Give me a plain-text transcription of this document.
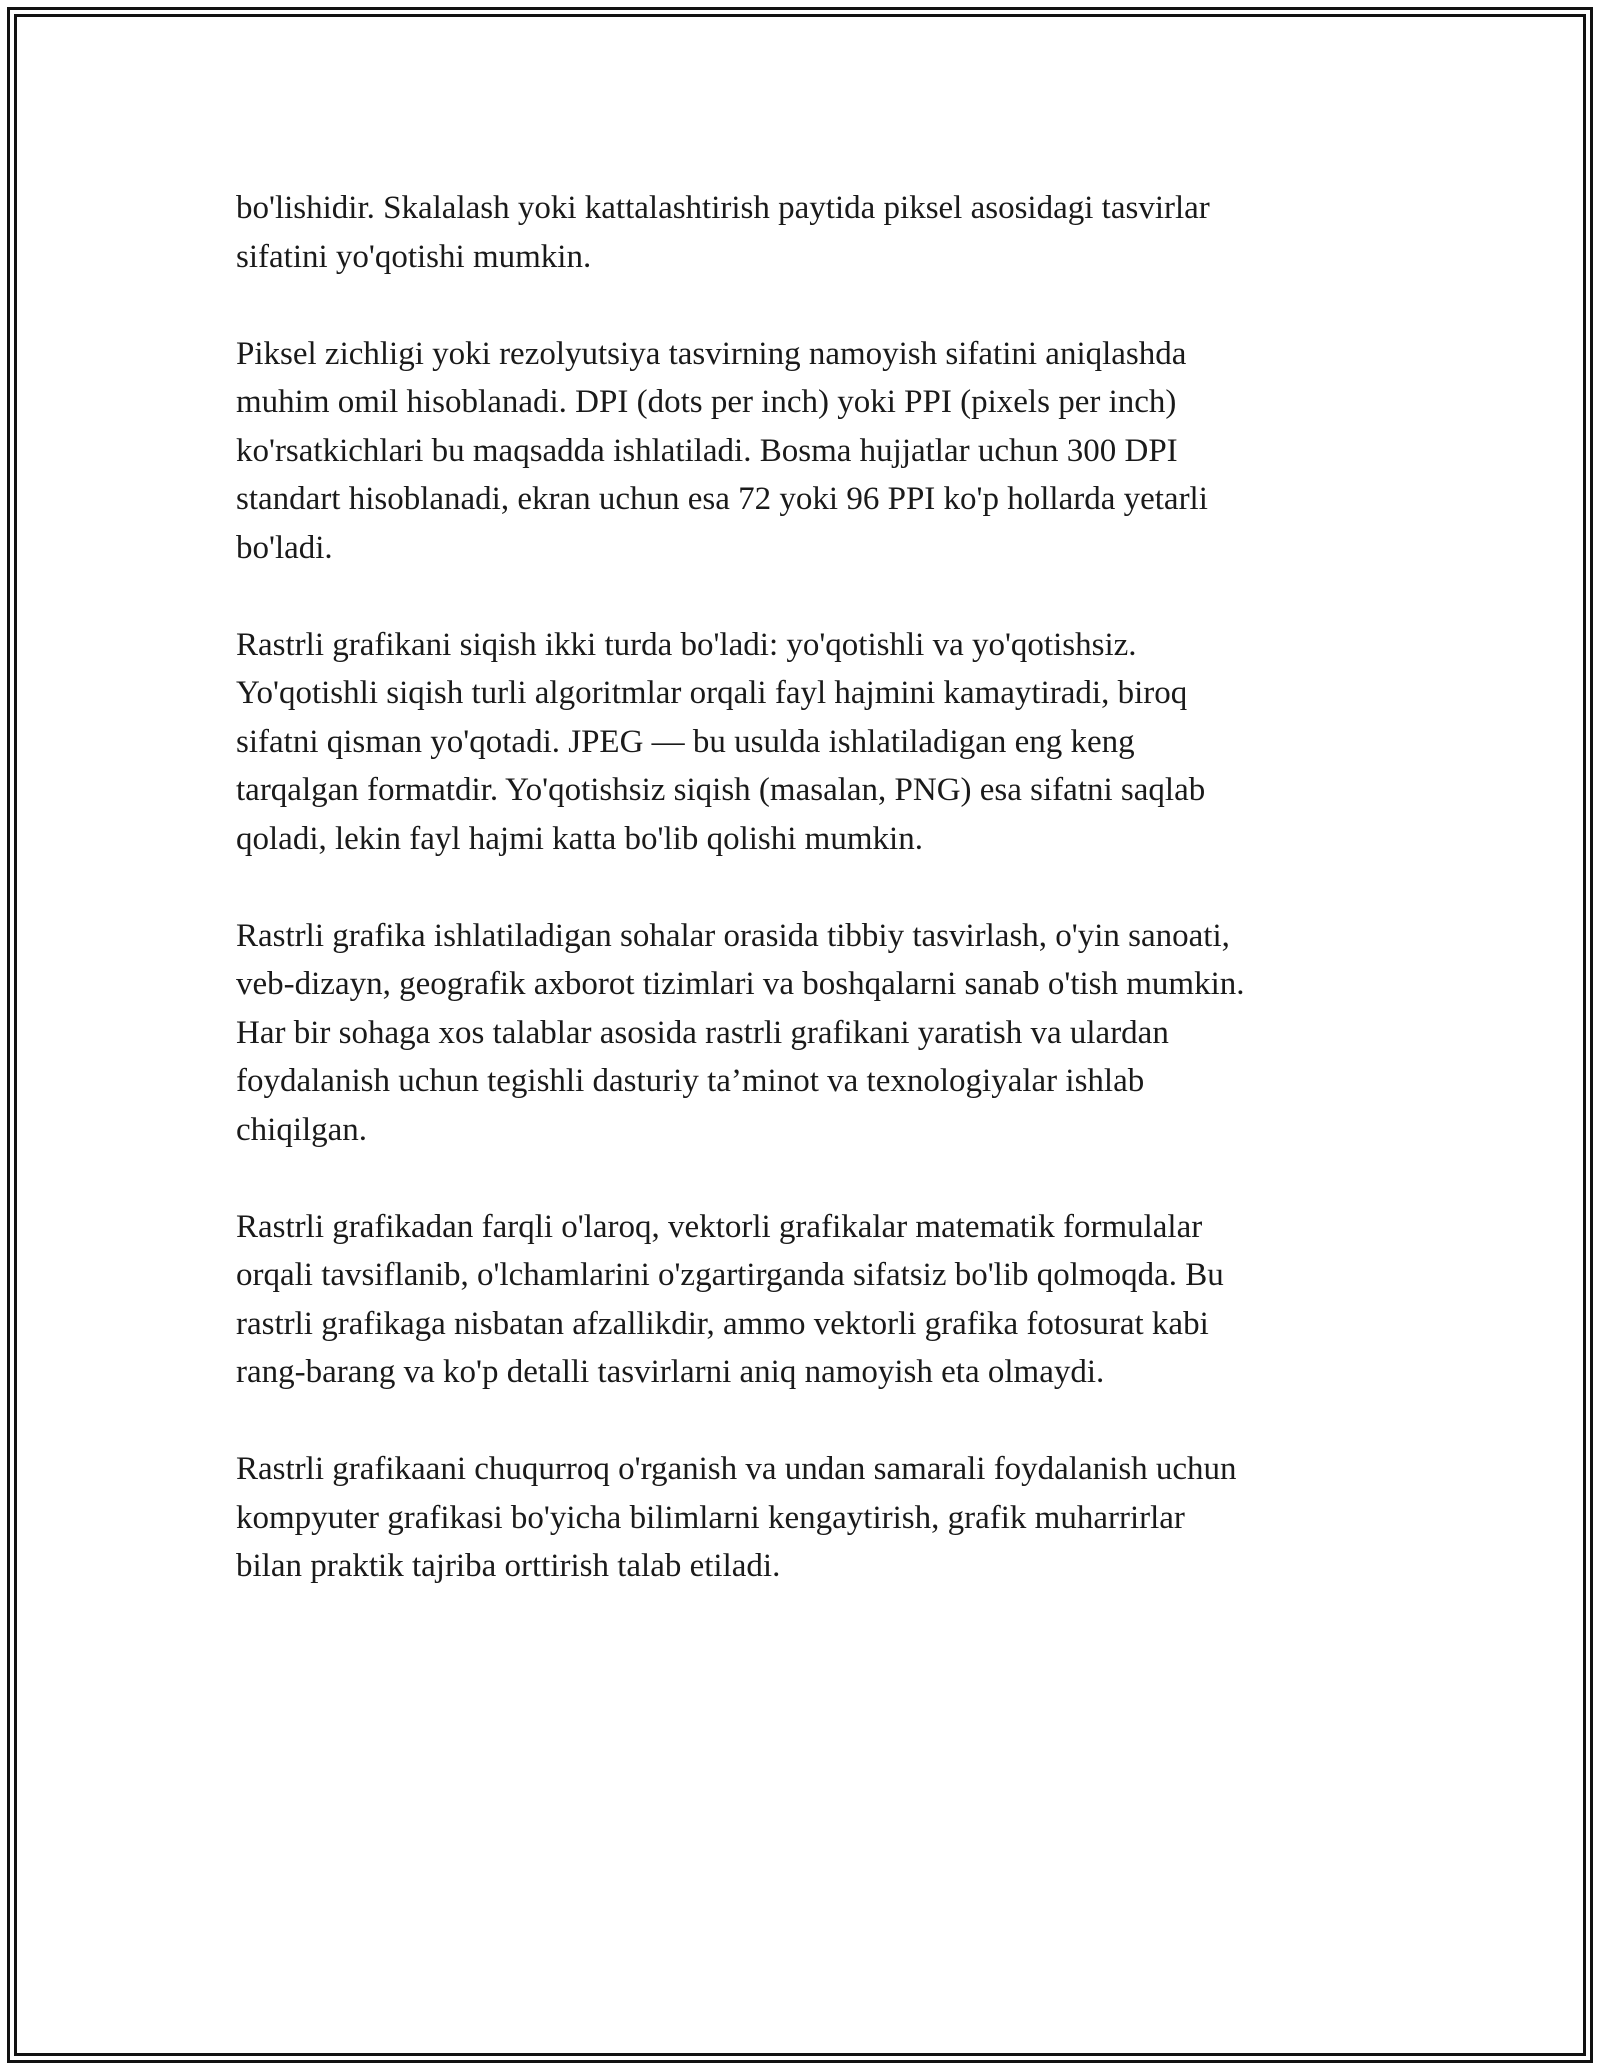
bo'lishidir. Skalalash yoki kattalashtirish paytida piksel asosidagi tasvirlar
sifatini yo'qotishi mumkin.

Piksel zichligi yoki rezolyutsiya tasvirning namoyish sifatini aniqlashda
muhim omil hisoblanadi. DPI (dots per inch) yoki PPI (pixels per inch)
ko'rsatkichlari bu maqsadda ishlatiladi. Bosma hujjatlar uchun 300 DPI
standart hisoblanadi, ekran uchun esa 72 yoki 96 PPI ko'p hollarda yetarli
bo'ladi.

Rastrli grafikani siqish ikki turda bo'ladi: yo'qotishli va yo'qotishsiz.
Yo'qotishli siqish turli algoritmlar orqali fayl hajmini kamaytiradi, biroq
sifatni qisman yo'qotadi. JPEG — bu usulda ishlatiladigan eng keng
tarqalgan formatdir. Yo'qotishsiz siqish (masalan, PNG) esa sifatni saqlab
qoladi, lekin fayl hajmi katta bo'lib qolishi mumkin.

Rastrli grafika ishlatiladigan sohalar orasida tibbiy tasvirlash, o'yin sanoati,
veb-dizayn, geografik axborot tizimlari va boshqalarni sanab o'tish mumkin.
Har bir sohaga xos talablar asosida rastrli grafikani yaratish va ulardan
foydalanish uchun tegishli dasturiy ta’minot va texnologiyalar ishlab
chiqilgan.

Rastrli grafikadan farqli o'laroq, vektorli grafikalar matematik formulalar
orqali tavsiflanib, o'lchamlarini o'zgartirganda sifatsiz bo'lib qolmoqda. Bu
rastrli grafikaga nisbatan afzallikdir, ammo vektorli grafika fotosurat kabi
rang-barang va ko'p detalli tasvirlarni aniq namoyish eta olmaydi.

Rastrli grafikaani chuqurroq o'rganish va undan samarali foydalanish uchun
kompyuter grafikasi bo'yicha bilimlarni kengaytirish, grafik muharrirlar
bilan praktik tajriba orttirish talab etiladi.
